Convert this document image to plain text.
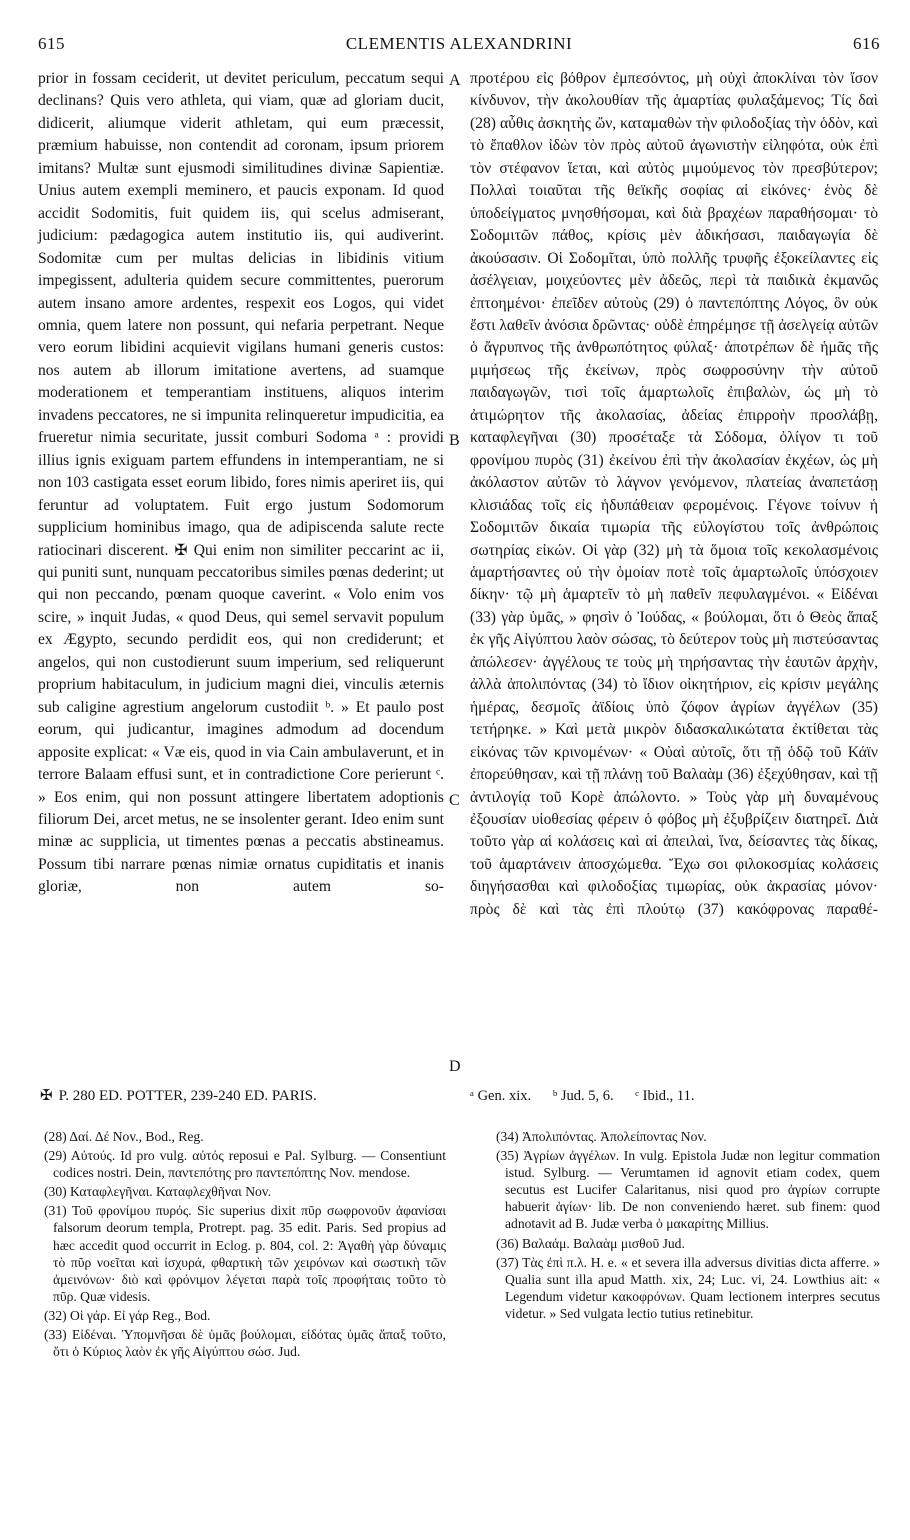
615	CLEMENTIS ALEXANDRINI	616

prior in fossam ceciderit, ut devitet periculum, peccatum sequi declinans? Quis vero athleta, qui viam, quæ ad gloriam ducit, didicerit, aliumque viderit athletam, qui eum præcessit, præmium habuisse, non contendit ad coronam, ipsum priorem imitans? Multæ sunt ejusmodi similitudines divinæ Sapientiæ. Unius autem exempli meminero, et paucis exponam. Id quod accidit Sodomitis, fuit quidem iis, qui scelus admiserant, judicium: pædagogica autem institutio iis, qui audiverint. Sodomitæ cum per multas delicias in libidinis vitium impegissent, adulteria quidem secure committentes, puerorum autem insano amore ardentes, respexit eos Logos, qui videt omnia, quem latere non possunt, qui nefaria perpetrant. Neque vero eorum libidini acquievit vigilans humani generis custos: nos autem ab illorum imitatione avertens, ad suamque moderationem et temperantiam instituens, aliquos interim invadens peccatores, ne si impunita relinqueretur impudicitia, ea frueretur nimia securitate, jussit comburi Sodoma ᵃ : providi illius ignis exiguam partem effundens in intemperantiam, ne si non 103 castigata esset eorum libido, fores nimis aperiret iis, qui feruntur ad voluptatem. Fuit ergo justum Sodomorum supplicium hominibus imago, qua de adipiscenda salute recte ratiocinari discerent. ✠ Qui enim non similiter peccarint ac ii, qui puniti sunt, nunquam peccatoribus similes pœnas dederint; ut qui non peccando, pœnam quoque caverint. « Volo enim vos scire, » inquit Judas, « quod Deus, qui semel servavit populum ex Ægypto, secundo perdidit eos, qui non crediderunt; et angelos, qui non custodierunt suum imperium, sed reliquerunt proprium habitaculum, in judicium magni diei, vinculis æternis sub caligine agrestium angelorum custodiit ᵇ. » Et paulo post eorum, qui judicantur, imagines admodum ad docendum apposite explicat: « Væ eis, quod in via Cain ambulaverunt, et in terrore Balaam effusi sunt, et in contradictione Core perierunt ᶜ. » Eos enim, qui non possunt attingere libertatem adoptionis filiorum Dei, arcet metus, ne se insolenter gerant. Ideo enim sunt minæ ac supplicia, ut timentes pœnas a peccatis abstineamus. Possum tibi narrare pœnas nimiæ ornatus cupiditatis et inanis gloriæ, non autem so-

A
B
C
D

προτέρου εἰς βόθρον ἐμπεσόντος, μὴ οὐχὶ ἀποκλίναι τὸν ἴσον κίνδυνον, τὴν ἀκολουθίαν τῆς ἁμαρτίας φυλαξάμενος; Τίς δαὶ (28) αὖθις ἀσκητὴς ὤν, καταμαθὼν τὴν φιλοδοξίας τὴν ὁδὸν, καὶ τὸ ἔπαθλον ἰδὼν τὸν πρὸς αὐτοῦ ἀγωνιστὴν εἰληφότα, οὐκ ἐπὶ τὸν στέφανον ἵεται, καὶ αὐτὸς μιμούμενος τὸν πρεσβύτερον; Πολλαὶ τοιαῦται τῆς θεϊκῆς σοφίας αἱ εἰκόνες· ἑνὸς δὲ ὑποδείγματος μνησθήσομαι, καὶ διὰ βραχέων παραθήσομαι· τὸ Σοδομιτῶν πάθος, κρίσις μὲν ἀδικήσασι, παιδαγωγία δὲ ἀκούσασιν. Οἱ Σοδομῖται, ὑπὸ πολλῆς τρυφῆς ἐξοκείλαντες εἰς ἀσέλγειαν, μοιχεύοντες μὲν ἀδεῶς, περὶ τὰ παιδικὰ ἐκμανῶς ἐπτοημένοι· ἐπεῖδεν αὐτοὺς (29) ὁ παντεπόπτης Λόγος, ὃν οὐκ ἔστι λαθεῖν ἀνόσια δρῶντας· οὐδὲ ἐπηρέμησε τῇ ἀσελγείᾳ αὐτῶν ὁ ἄγρυπνος τῆς ἀνθρωπότητος φύλαξ· ἀποτρέπων δὲ ἡμᾶς τῆς μιμήσεως τῆς ἐκείνων, πρὸς σωφροσύνην τὴν αὐτοῦ παιδαγωγῶν, τισὶ τοῖς ἁμαρτωλοῖς ἐπιβαλὼν, ὡς μὴ τὸ ἀτιμώρητον τῆς ἀκολασίας, ἀδείας ἐπιρροὴν προσλάβῃ, καταφλεγῆναι (30) προσέταξε τὰ Σόδομα, ὀλίγον τι τοῦ φρονίμου πυρὸς (31) ἐκείνου ἐπὶ τὴν ἀκολασίαν ἐκχέων, ὡς μὴ ἀκόλαστον αὐτῶν τὸ λάγνον γενόμενον, πλατείας ἀναπετάσῃ κλισιάδας τοῖς εἰς ἡδυπάθειαν φερομένοις. Γέγονε τοίνυν ἡ Σοδομιτῶν δικαία τιμωρία τῆς εὐλογίστου τοῖς ἀνθρώποις σωτηρίας εἰκών. Οἱ γὰρ (32) μὴ τὰ ὅμοια τοῖς κεκολασμένοις ἁμαρτήσαντες οὐ τὴν ὁμοίαν ποτὲ τοῖς ἁμαρτωλοῖς ὑπόσχοιεν δίκην· τῷ μὴ ἁμαρτεῖν τὸ μὴ παθεῖν πεφυλαγμένοι. « Εἰδέναι (33) γὰρ ὑμᾶς, » φησὶν ὁ Ἰούδας, « βούλομαι, ὅτι ὁ Θεὸς ἅπαξ ἐκ γῆς Αἰγύπτου λαὸν σώσας, τὸ δεύτερον τοὺς μὴ πιστεύσαντας ἀπώλεσεν· ἀγγέλους τε τοὺς μὴ τηρήσαντας τὴν ἑαυτῶν ἀρχὴν, ἀλλὰ ἀπολιπόντας (34) τὸ ἴδιον οἰκητήριον, εἰς κρίσιν μεγάλης ἡμέρας, δεσμοῖς ἀϊδίοις ὑπὸ ζόφον ἀγρίων ἀγγέλων (35) τετήρηκε. » Καὶ μετὰ μικρὸν διδασκαλικώτατα ἐκτίθεται τὰς εἰκόνας τῶν κρινομένων· « Οὐαὶ αὐτοῖς, ὅτι τῇ ὁδῷ τοῦ Κάϊν ἐπορεύθησαν, καὶ τῇ πλάνῃ τοῦ Βαλαὰμ (36) ἐξεχύθησαν, καὶ τῇ ἀντιλογίᾳ τοῦ Κορὲ ἀπώλοντο. » Τοὺς γὰρ μὴ δυναμένους ἐξουσίαν υἱοθεσίας φέρειν ὁ φόβος μὴ ἐξυβρίζειν διατηρεῖ. Διὰ τοῦτο γὰρ αἱ κολάσεις καὶ αἱ ἀπειλαὶ, ἵνα, δείσαντες τὰς δίκας, τοῦ ἁμαρτάνειν ἀποσχώμεθα. Ἔχω σοι φιλοκοσμίας κολάσεις διηγήσασθαι καὶ φιλοδοξίας τιμωρίας, οὐκ ἀκρασίας μόνον· πρὸς δὲ καὶ τὰς ἐπὶ πλούτῳ (37) κακόφρονας παραθέ-

✠ P. 280 ED. POTTER, 239-240 ED. PARIS.	ᵃ Gen. xix. ᵇ Jud. 5, 6. ᶜ Ibid., 11.

(28) Δαί. Δέ Nov., Bod., Reg.

(29) Αὐτούς. Id pro vulg. αὐτός reposui e Pal. Sylburg. — Consentiunt codices nostri. Dein, παντεπότης pro παντεπόπτης Nov. mendose.

(30) Καταφλεγῆναι. Καταφλεχθῆναι Nov.

(31) Τοῦ φρονίμου πυρός. Sic superius dixit πῦρ σωφρονοῦν ἀφανίσαι falsorum deorum templa, Protrept. pag. 35 edit. Paris. Sed propius ad hæc accedit quod occurrit in Eclog. p. 804, col. 2: Ἀγαθὴ γὰρ δύναμις τὸ πῦρ νοεῖται καὶ ἰσχυρά, φθαρτικὴ τῶν χειρόνων καὶ σωστικὴ τῶν ἀμεινόνων· διὸ καὶ φρόνιμον λέγεται παρὰ τοῖς προφήταις τοῦτο τὸ πῦρ. Quæ videsis.

(32) Οἱ γάρ. Εἰ γάρ Reg., Bod.

(33) Εἰδέναι. Ὑπομνῆσαι δὲ ὑμᾶς βούλομαι, εἰδότας ὑμᾶς ἅπαξ τοῦτο, ὅτι ὁ Κύριος λαὸν ἐκ γῆς Αἰγύπτου σώσ. Jud.

(34) Ἀπολιπόντας. Ἀπολείποντας Nov.

(35) Ἀγρίων ἀγγέλων. In vulg. Epistola Judæ non legitur commation istud. Sylburg. — Verumtamen id agnovit etiam codex, quem secutus est Lucifer Calaritanus, nisi quod pro ἀγρίων corrupte habuerit ἁγίων· lib. De non conveniendo hæret. sub finem: quod adnotavit ad B. Judæ verba ὁ μακαρίτης Millius.

(36) Βαλαάμ. Βαλαὰμ μισθοῦ Jud.

(37) Τὰς ἐπὶ π.λ. H. e. « et severa illa adversus divitias dicta afferre. » Qualia sunt illa apud Matth. xix, 24; Luc. vi, 24. Lowthius ait: « Legendum videtur κακοφρόνων. Quam lectionem interpres secutus videtur. » Sed vulgata lectio tutius retinebitur.
